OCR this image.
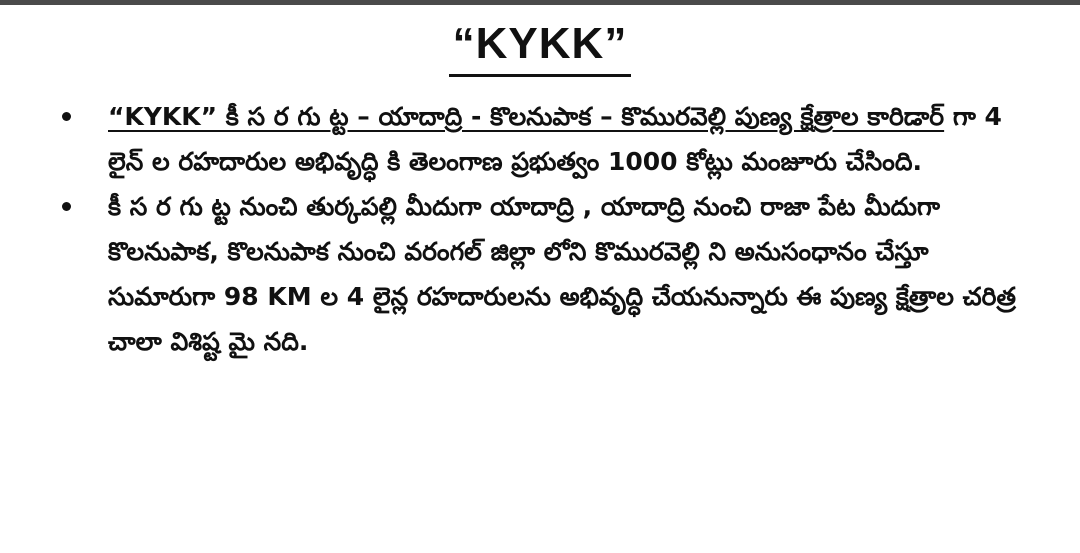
“KYKK”
“KYKK” కీ స ర గు ట్ట – యాదాద్రి - కొలనుపాక – కొమురవెల్లి పుణ్య క్షేత్రాల కారిడార్ గా 4 లైన్ ల రహదారుల అభివృద్ధి కి తెలంగాణ ప్రభుత్వం 1000 కోట్లు మంజూరు చేసింది.
కీ స ర గు ట్ట నుంచి తుర్కపల్లి మీదుగా యాదాద్రి , యాదాద్రి నుంచి రాజా పేట మీదుగా కొలనుపాక, కొలనుపాక నుంచి వరంగల్ జిల్లా లోని కొమురవెల్లి ని అనుసంధానం చేస్తూ సుమారుగా 98 KM ల 4 లైన్ల రహదారులను అభివృద్ధి చేయనున్నారు ఈ పుణ్య క్షేత్రాల చరిత్ర చాలా విశిష్ట మై నది.
